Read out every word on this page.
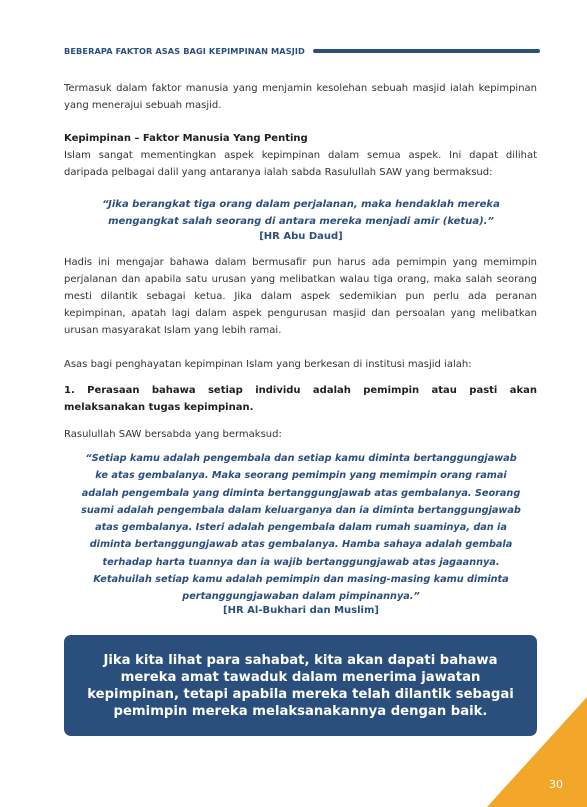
BEBERAPA FAKTOR ASAS BAGI KEPIMPINAN MASJID

Termasuk dalam faktor manusia yang menjamin kesolehan sebuah masjid ialah kepimpinan yang menerajui sebuah masjid.

Kepimpinan – Faktor Manusia Yang Penting

Islam sangat mementingkan aspek kepimpinan dalam semua aspek. Ini dapat dilihat daripada pelbagai dalil yang antaranya ialah sabda Rasulullah SAW yang bermaksud:

“Jika berangkat tiga orang dalam perjalanan, maka hendaklah mereka
mengangkat salah seorang di antara mereka menjadi amir (ketua).”

[HR Abu Daud]

Hadis ini mengajar bahawa dalam bermusafir pun harus ada pemimpin yang memimpin perjalanan dan apabila satu urusan yang melibatkan walau tiga orang, maka salah seorang mesti dilantik sebagai ketua. Jika dalam aspek sedemikian pun perlu ada peranan kepimpinan, apatah lagi dalam aspek pengurusan masjid dan persoalan yang melibatkan urusan masyarakat Islam yang lebih ramai.

Asas bagi penghayatan kepimpinan Islam yang berkesan di institusi masjid ialah:

1. Perasaan bahawa setiap individu adalah pemimpin atau pasti akan melaksanakan tugas kepimpinan.

Rasulullah SAW bersabda yang bermaksud:

“Setiap kamu adalah pengembala dan setiap kamu diminta bertanggungjawab
ke atas gembalanya. Maka seorang pemimpin yang memimpin orang ramai
adalah pengembala yang diminta bertanggungjawab atas gembalanya. Seorang
suami adalah pengembala dalam keluarganya dan ia diminta bertanggungjawab
atas gembalanya. Isteri adalah pengembala dalam rumah suaminya, dan ia
diminta bertanggungjawab atas gembalanya. Hamba sahaya adalah gembala
terhadap harta tuannya dan ia wajib bertanggungjawab atas jagaannya.
Ketahuilah setiap kamu adalah pemimpin dan masing-masing kamu diminta
pertanggungjawaban dalam pimpinannya.”

[HR Al-Bukhari dan Muslim]

Jika kita lihat para sahabat, kita akan dapati bahawa mereka amat tawaduk dalam menerima jawatan kepimpinan, tetapi apabila mereka telah dilantik sebagai pemimpin mereka melaksanakannya dengan baik.

30
